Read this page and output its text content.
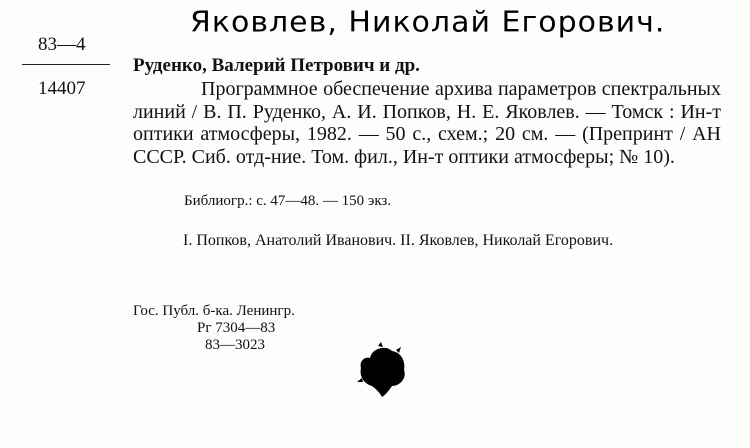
Яковлев, Николай Егорович.
83—4
14407
Руденко, Валерий Петрович и др.
Программное обеспечение архива параметров спектральных линий / В. П. Руденко, А. И. Попков, Н. Е. Яковлев. — Томск : Ин-т оптики атмосферы, 1982. — 50 с., схем.; 20 см. — (Препринт / АН СССР. Сиб. отд-ние. Том. фил., Ин-т оптики атмосферы; № 10).
Библиогр.: с. 47—48. — 150 экз.
I. Попков, Анатолий Иванович. II. Яковлев, Николай Егорович.
Гос. Публ. б-ка. Ленингр.
Рг 7304—83
83—3023
